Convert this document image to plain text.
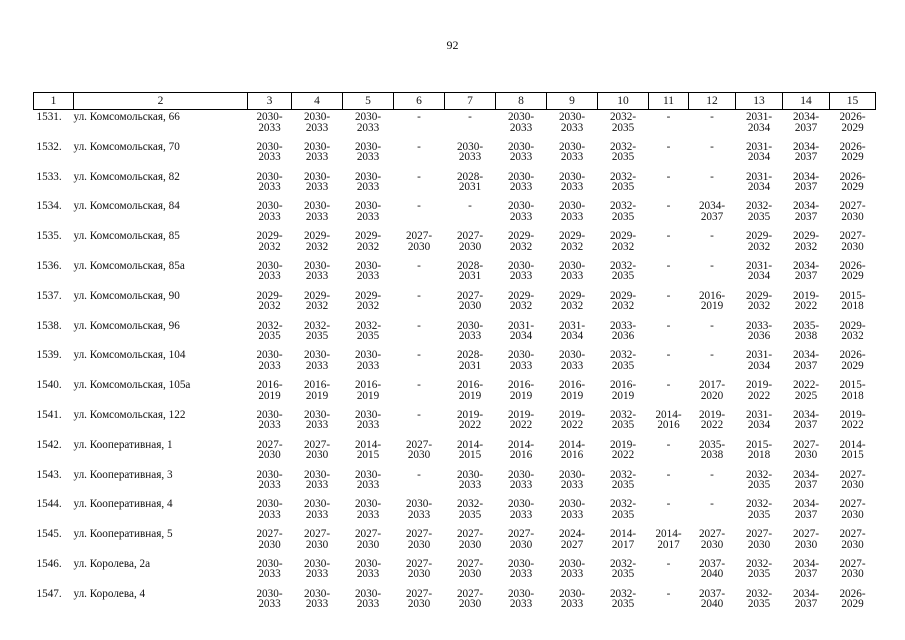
92
1	2	3	4	5	6	7	8	9	10	11	12	13	14	15
1531.	ул. Комсомольская, 66	2030-
2033	2030-
2033	2030-
2033	-	-	2030-
2033	2030-
2033	2032-
2035	-	-	2031-
2034	2034-
2037	2026-
2029

1532.	ул. Комсомольская, 70	2030-
2033	2030-
2033	2030-
2033	-	2030-
2033	2030-
2033	2030-
2033	2032-
2035	-	-	2031-
2034	2034-
2037	2026-
2029

1533.	ул. Комсомольская, 82	2030-
2033	2030-
2033	2030-
2033	-	2028-
2031	2030-
2033	2030-
2033	2032-
2035	-	-	2031-
2034	2034-
2037	2026-
2029

1534.	ул. Комсомольская, 84	2030-
2033	2030-
2033	2030-
2033	-	-	2030-
2033	2030-
2033	2032-
2035	-	2034-
2037	2032-
2035	2034-
2037	2027-
2030

1535.	ул. Комсомольская, 85	2029-
2032	2029-
2032	2029-
2032	2027-
2030	2027-
2030	2029-
2032	2029-
2032	2029-
2032	-	-	2029-
2032	2029-
2032	2027-
2030

1536.	ул. Комсомольская, 85а	2030-
2033	2030-
2033	2030-
2033	-	2028-
2031	2030-
2033	2030-
2033	2032-
2035	-	-	2031-
2034	2034-
2037	2026-
2029

1537.	ул. Комсомольская, 90	2029-
2032	2029-
2032	2029-
2032	-	2027-
2030	2029-
2032	2029-
2032	2029-
2032	-	2016-
2019	2029-
2032	2019-
2022	2015-
2018

1538.	ул. Комсомольская, 96	2032-
2035	2032-
2035	2032-
2035	-	2030-
2033	2031-
2034	2031-
2034	2033-
2036	-	-	2033-
2036	2035-
2038	2029-
2032

1539.	ул. Комсомольская, 104	2030-
2033	2030-
2033	2030-
2033	-	2028-
2031	2030-
2033	2030-
2033	2032-
2035	-	-	2031-
2034	2034-
2037	2026-
2029

1540.	ул. Комсомольская, 105а	2016-
2019	2016-
2019	2016-
2019	-	2016-
2019	2016-
2019	2016-
2019	2016-
2019	-	2017-
2020	2019-
2022	2022-
2025	2015-
2018

1541.	ул. Комсомольская, 122	2030-
2033	2030-
2033	2030-
2033	-	2019-
2022	2019-
2022	2019-
2022	2032-
2035	2014-
2016	2019-
2022	2031-
2034	2034-
2037	2019-
2022

1542.	ул. Кооперативная, 1	2027-
2030	2027-
2030	2014-
2015	2027-
2030	2014-
2015	2014-
2016	2014-
2016	2019-
2022	-	2035-
2038	2015-
2018	2027-
2030	2014-
2015

1543.	ул. Кооперативная, 3	2030-
2033	2030-
2033	2030-
2033	-	2030-
2033	2030-
2033	2030-
2033	2032-
2035	-	-	2032-
2035	2034-
2037	2027-
2030

1544.	ул. Кооперативная, 4	2030-
2033	2030-
2033	2030-
2033	2030-
2033	2032-
2035	2030-
2033	2030-
2033	2032-
2035	-	-	2032-
2035	2034-
2037	2027-
2030

1545.	ул. Кооперативная, 5	2027-
2030	2027-
2030	2027-
2030	2027-
2030	2027-
2030	2027-
2030	2024-
2027	2014-
2017	2014-
2017	2027-
2030	2027-
2030	2027-
2030	2027-
2030

1546.	ул. Королева, 2а	2030-
2033	2030-
2033	2030-
2033	2027-
2030	2027-
2030	2030-
2033	2030-
2033	2032-
2035	-	2037-
2040	2032-
2035	2034-
2037	2027-
2030

1547.	ул. Королева, 4	2030-
2033	2030-
2033	2030-
2033	2027-
2030	2027-
2030	2030-
2033	2030-
2033	2032-
2035	-	2037-
2040	2032-
2035	2034-
2037	2026-
2029
